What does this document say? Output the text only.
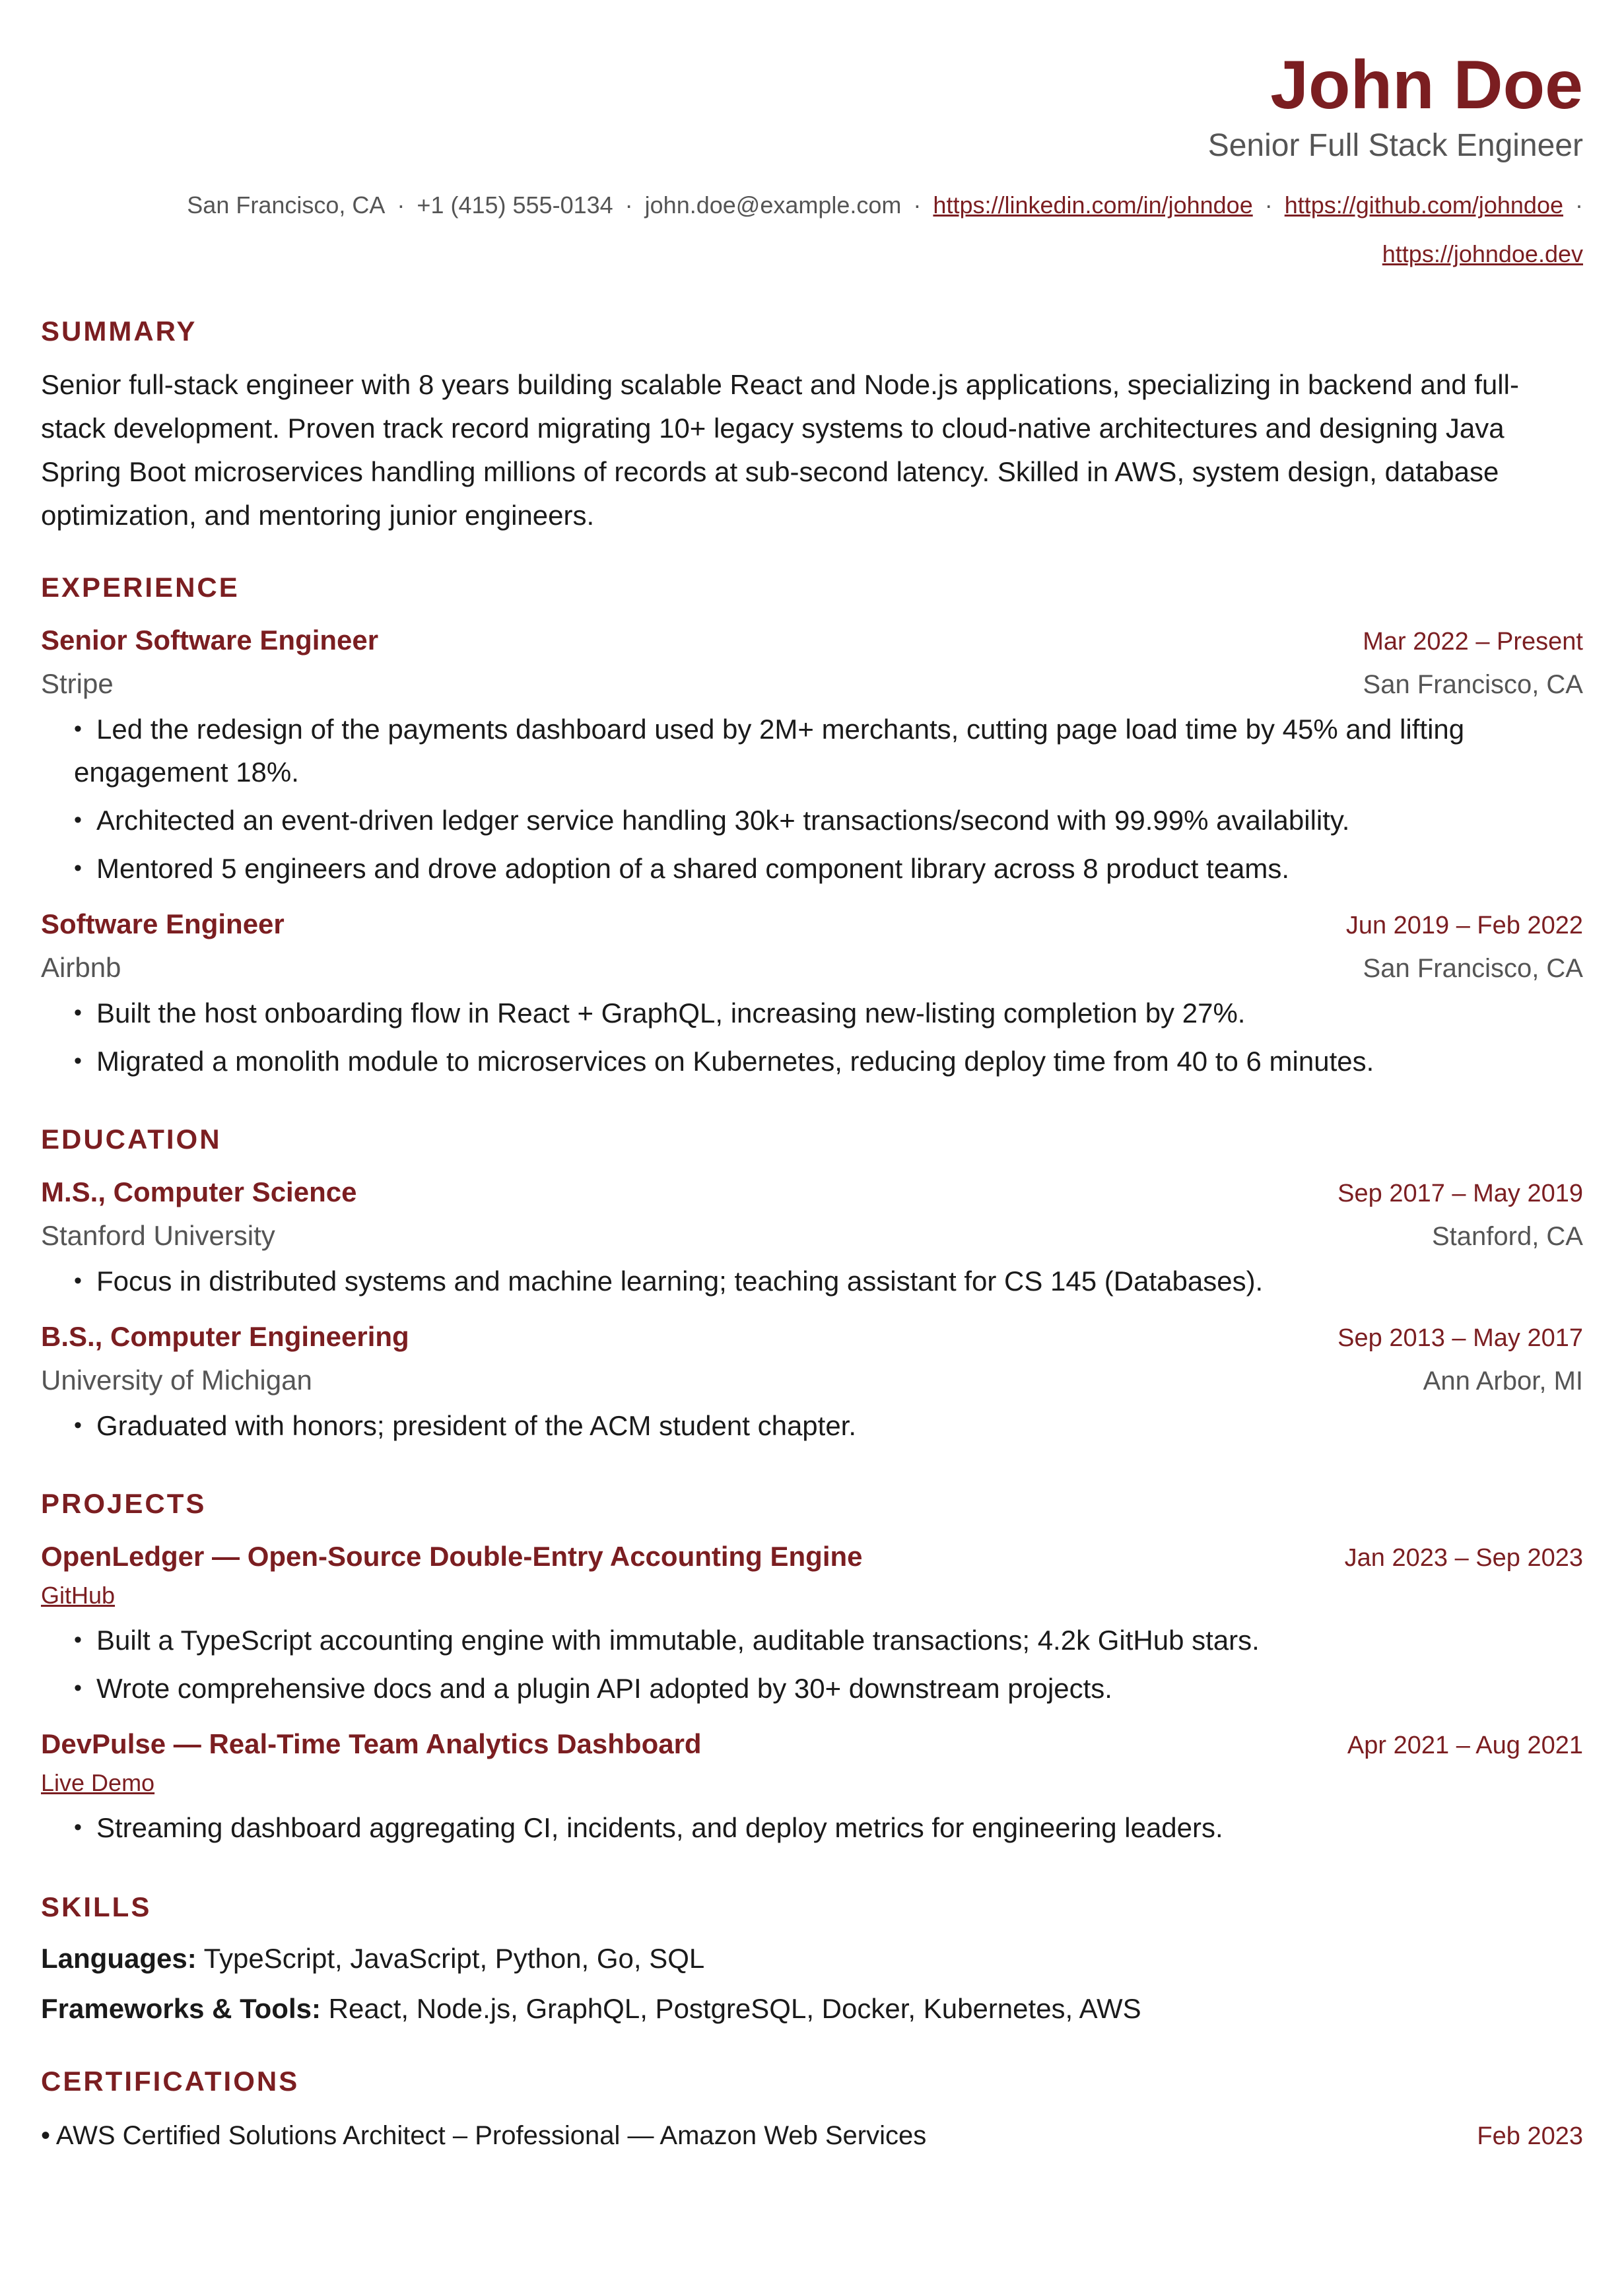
John Doe
Senior Full Stack Engineer
San Francisco, CA · +1 (415) 555-0134 · john.doe@example.com · https://linkedin.com/in/johndoe · https://github.com/johndoe ·
https://johndoe.dev
SUMMARY
Senior full-stack engineer with 8 years building scalable React and Node.js applications, specializing in backend and full-stack development. Proven track record migrating 10+ legacy systems to cloud-native architectures and designing Java Spring Boot microservices handling millions of records at sub-second latency. Skilled in AWS, system design, database optimization, and mentoring junior engineers.
EXPERIENCE
Senior Software Engineer	Mar 2022 – Present
Stripe	San Francisco, CA
• Led the redesign of the payments dashboard used by 2M+ merchants, cutting page load time by 45% and lifting engagement 18%.
• Architected an event-driven ledger service handling 30k+ transactions/second with 99.99% availability.
• Mentored 5 engineers and drove adoption of a shared component library across 8 product teams.
Software Engineer	Jun 2019 – Feb 2022
Airbnb	San Francisco, CA
• Built the host onboarding flow in React + GraphQL, increasing new-listing completion by 27%.
• Migrated a monolith module to microservices on Kubernetes, reducing deploy time from 40 to 6 minutes.
EDUCATION
M.S., Computer Science	Sep 2017 – May 2019
Stanford University	Stanford, CA
• Focus in distributed systems and machine learning; teaching assistant for CS 145 (Databases).
B.S., Computer Engineering	Sep 2013 – May 2017
University of Michigan	Ann Arbor, MI
• Graduated with honors; president of the ACM student chapter.
PROJECTS
OpenLedger — Open-Source Double-Entry Accounting Engine	Jan 2023 – Sep 2023
GitHub
• Built a TypeScript accounting engine with immutable, auditable transactions; 4.2k GitHub stars.
• Wrote comprehensive docs and a plugin API adopted by 30+ downstream projects.
DevPulse — Real-Time Team Analytics Dashboard	Apr 2021 – Aug 2021
Live Demo
• Streaming dashboard aggregating CI, incidents, and deploy metrics for engineering leaders.
SKILLS
Languages: TypeScript, JavaScript, Python, Go, SQL
Frameworks & Tools: React, Node.js, GraphQL, PostgreSQL, Docker, Kubernetes, AWS
CERTIFICATIONS
• AWS Certified Solutions Architect – Professional — Amazon Web Services	Feb 2023
